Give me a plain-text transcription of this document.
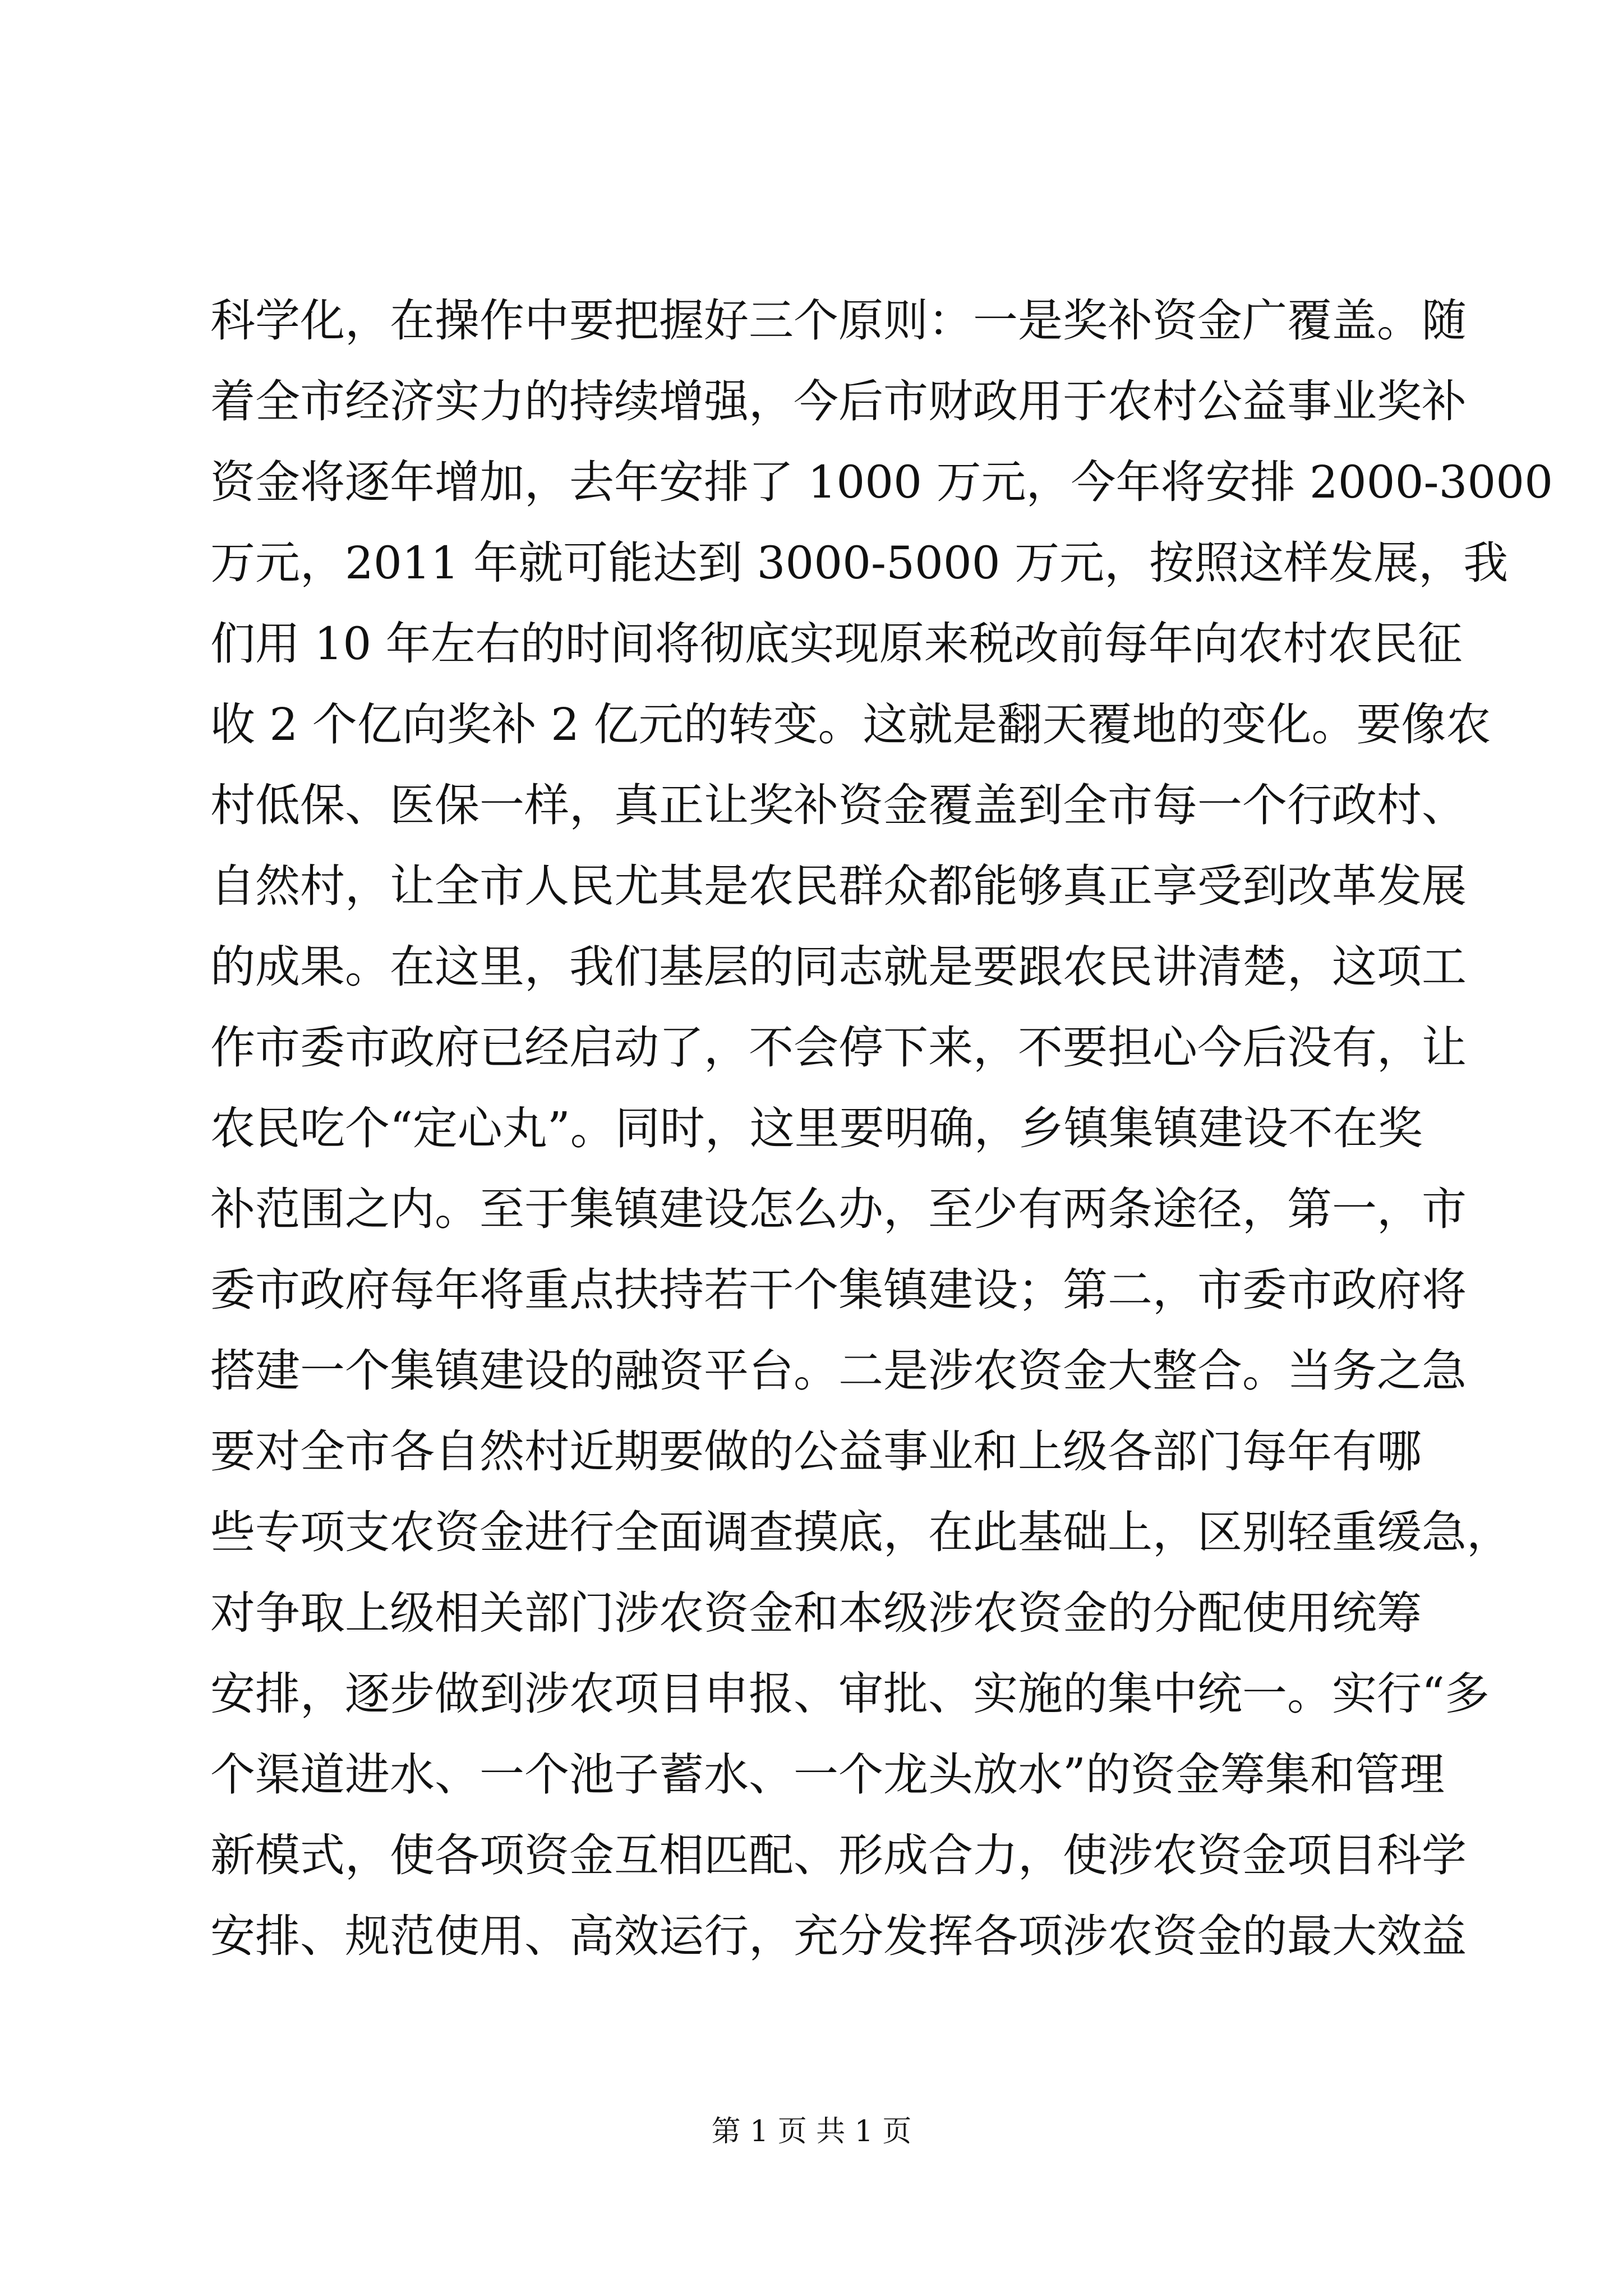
科学化，在操作中要把握好三个原则：一是奖补资金广覆盖。随
着全市经济实力的持续增强，今后市财政用于农村公益事业奖补
资金将逐年增加，去年安排了 1000 万元，今年将安排 2000-3000
万元，2011 年就可能达到 3000-5000 万元，按照这样发展，我
们用 10 年左右的时间将彻底实现原来税改前每年向农村农民征
收 2 个亿向奖补 2 亿元的转变。这就是翻天覆地的变化。要像农
村低保、医保一样，真正让奖补资金覆盖到全市每一个行政村、
自然村，让全市人民尤其是农民群众都能够真正享受到改革发展
的成果。在这里，我们基层的同志就是要跟农民讲清楚，这项工
作市委市政府已经启动了，不会停下来，不要担心今后没有，让
农民吃个“定心丸”。同时，这里要明确，乡镇集镇建设不在奖
补范围之内。至于集镇建设怎么办，至少有两条途径，第一，市
委市政府每年将重点扶持若干个集镇建设；第二，市委市政府将
搭建一个集镇建设的融资平台。二是涉农资金大整合。当务之急
要对全市各自然村近期要做的公益事业和上级各部门每年有哪
些专项支农资金进行全面调查摸底，在此基础上，区别轻重缓急，
对争取上级相关部门涉农资金和本级涉农资金的分配使用统筹
安排，逐步做到涉农项目申报、审批、实施的集中统一。实行“多
个渠道进水、一个池子蓄水、一个龙头放水”的资金筹集和管理
新模式，使各项资金互相匹配、形成合力，使涉农资金项目科学
安排、规范使用、高效运行，充分发挥各项涉农资金的最大效益
第 1 页 共 1 页
